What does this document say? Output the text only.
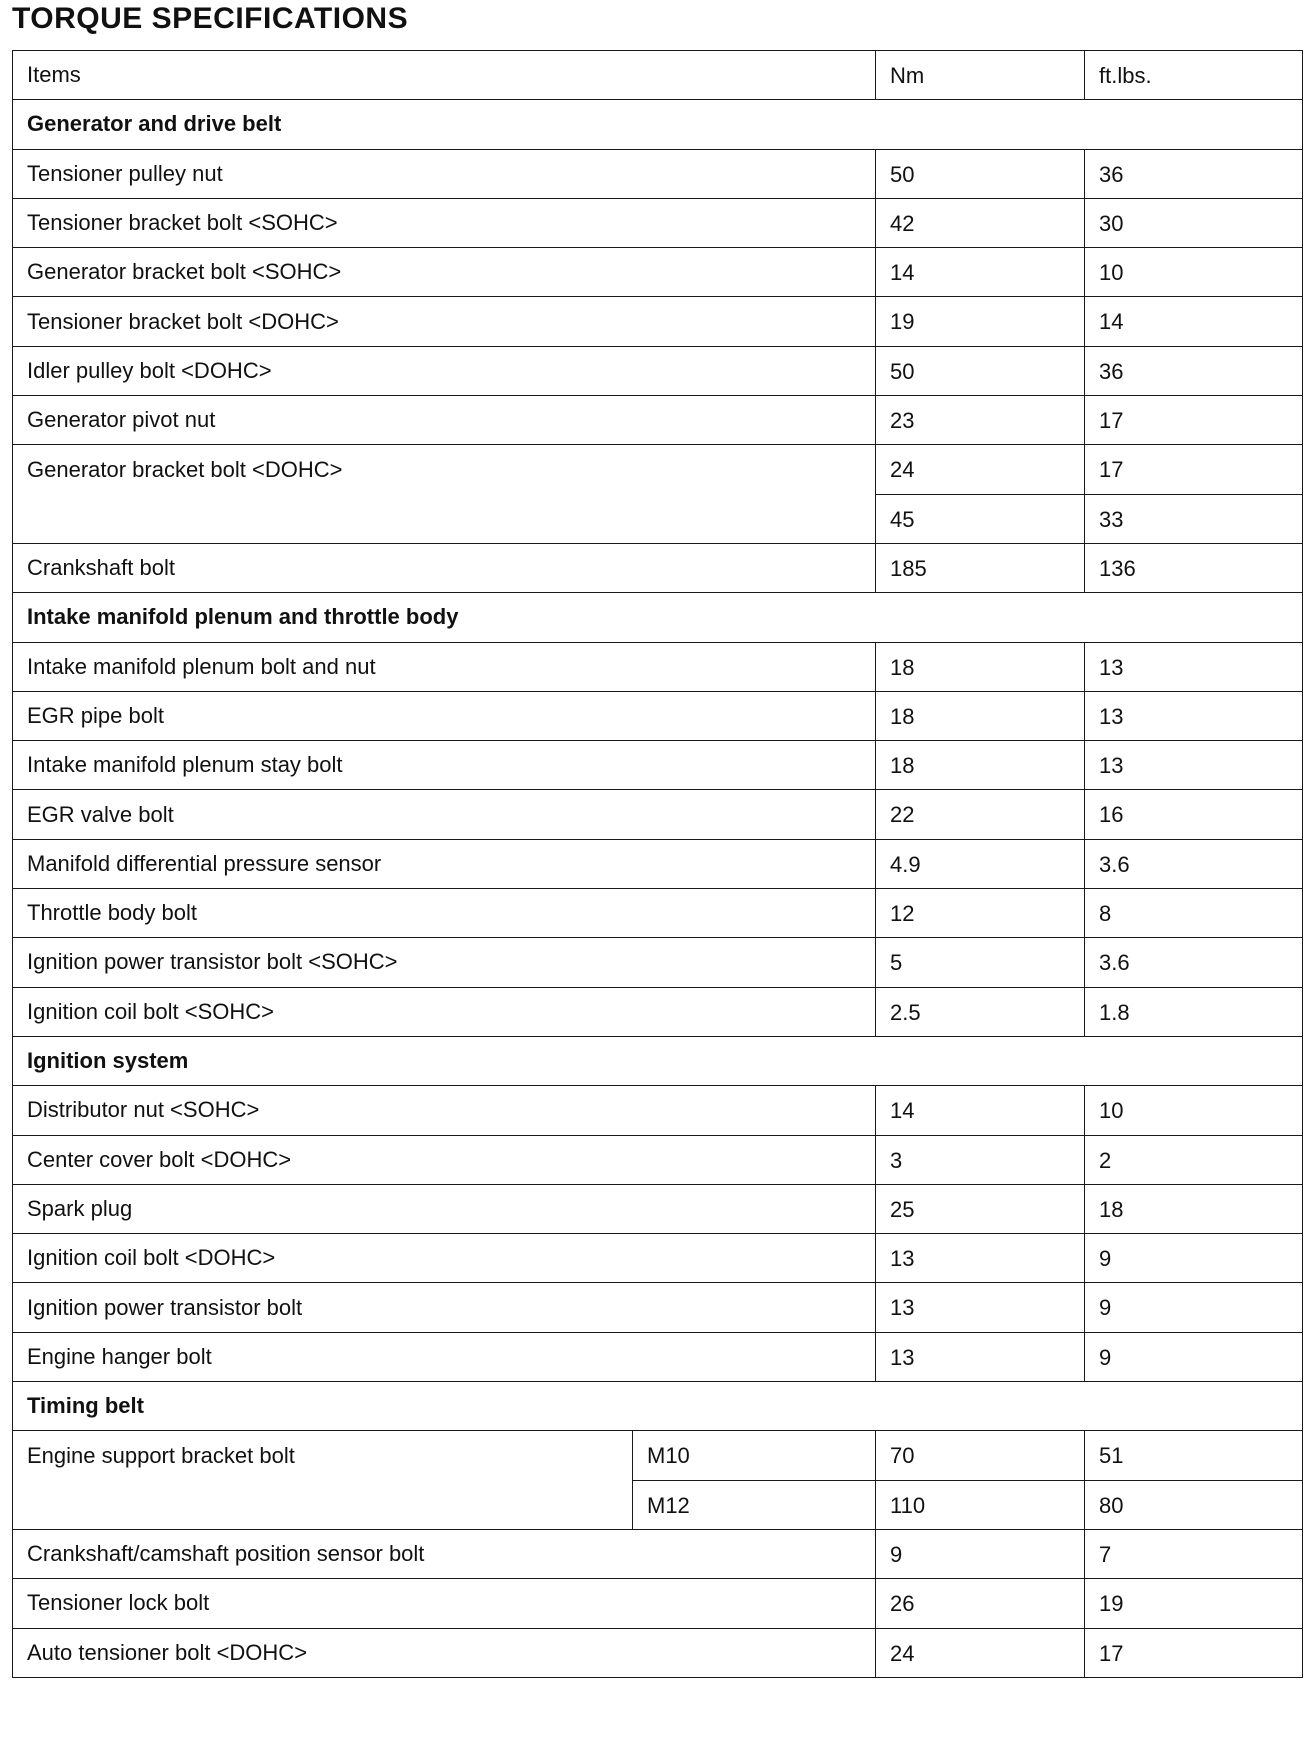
TORQUE SPECIFICATIONS
Items		Nm	ft.lbs.
Generator and drive belt			
Tensioner pulley nut		50	36
Tensioner bracket bolt <SOHC>		42	30
Generator bracket bolt <SOHC>		14	10
Tensioner bracket bolt <DOHC>		19	14
Idler pulley bolt <DOHC>		50	36
Generator pivot nut		23	17
Generator bracket bolt <DOHC>		24	17
		45	33
Crankshaft bolt		185	136
Intake manifold plenum and throttle body			
Intake manifold plenum bolt and nut		18	13
EGR pipe bolt		18	13
Intake manifold plenum stay bolt		18	13
EGR valve bolt		22	16
Manifold differential pressure sensor		4.9	3.6
Throttle body bolt		12	8
Ignition power transistor bolt <SOHC>		5	3.6
Ignition coil bolt <SOHC>		2.5	1.8
Ignition system			
Distributor nut <SOHC>		14	10
Center cover bolt <DOHC>		3	2
Spark plug		25	18
Ignition coil bolt <DOHC>		13	9
Ignition power transistor bolt		13	9
Engine hanger bolt		13	9
Timing belt			
Engine support bracket bolt	M10	70	51
	M12	110	80
Crankshaft/camshaft position sensor bolt		9	7
Tensioner lock bolt		26	19
Auto tensioner bolt <DOHC>		24	17
